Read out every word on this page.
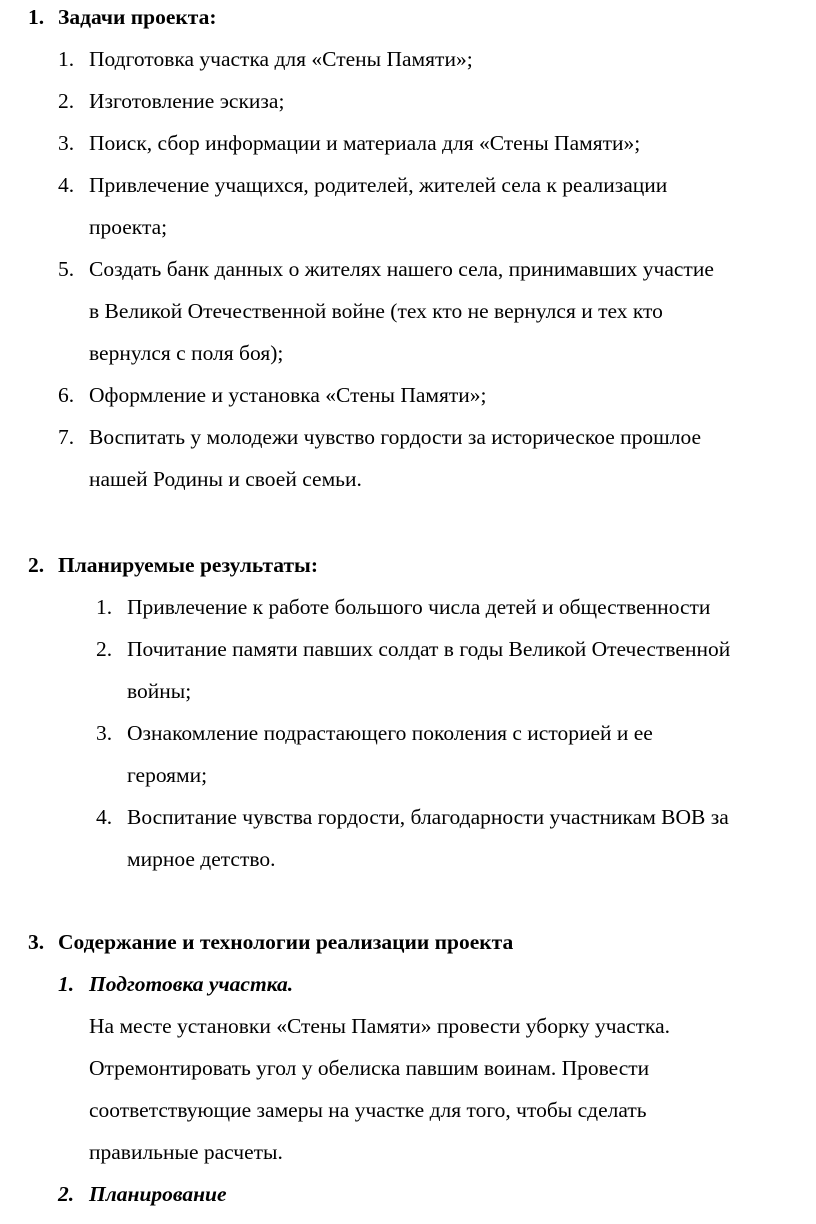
1. Задачи проекта:
1. Подготовка участка для «Стены Памяти»;
2. Изготовление эскиза;
3. Поиск, сбор информации и материала для «Стены Памяти»;
4. Привлечение учащихся, родителей, жителей села к реализации
проекта;
5. Создать банк данных о жителях нашего села, принимавших участие
в Великой Отечественной войне (тех кто не вернулся и тех кто
вернулся с поля боя);
6. Оформление и установка «Стены Памяти»;
7. Воспитать у молодежи чувство гордости за историческое прошлое
нашей Родины и своей семьи.
2. Планируемые результаты:
1. Привлечение к работе большого числа детей и общественности
2. Почитание памяти павших солдат в годы Великой Отечественной
войны;
3. Ознакомление подрастающего поколения с историей и ее
героями;
4. Воспитание чувства гордости, благодарности участникам ВОВ за
мирное детство.
3. Содержание и технологии реализации проекта
1. Подготовка участка.
На месте установки «Стены Памяти» провести уборку участка.
Отремонтировать угол у обелиска павшим воинам. Провести
соответствующие замеры на участке для того, чтобы сделать
правильные расчеты.
2. Планирование
